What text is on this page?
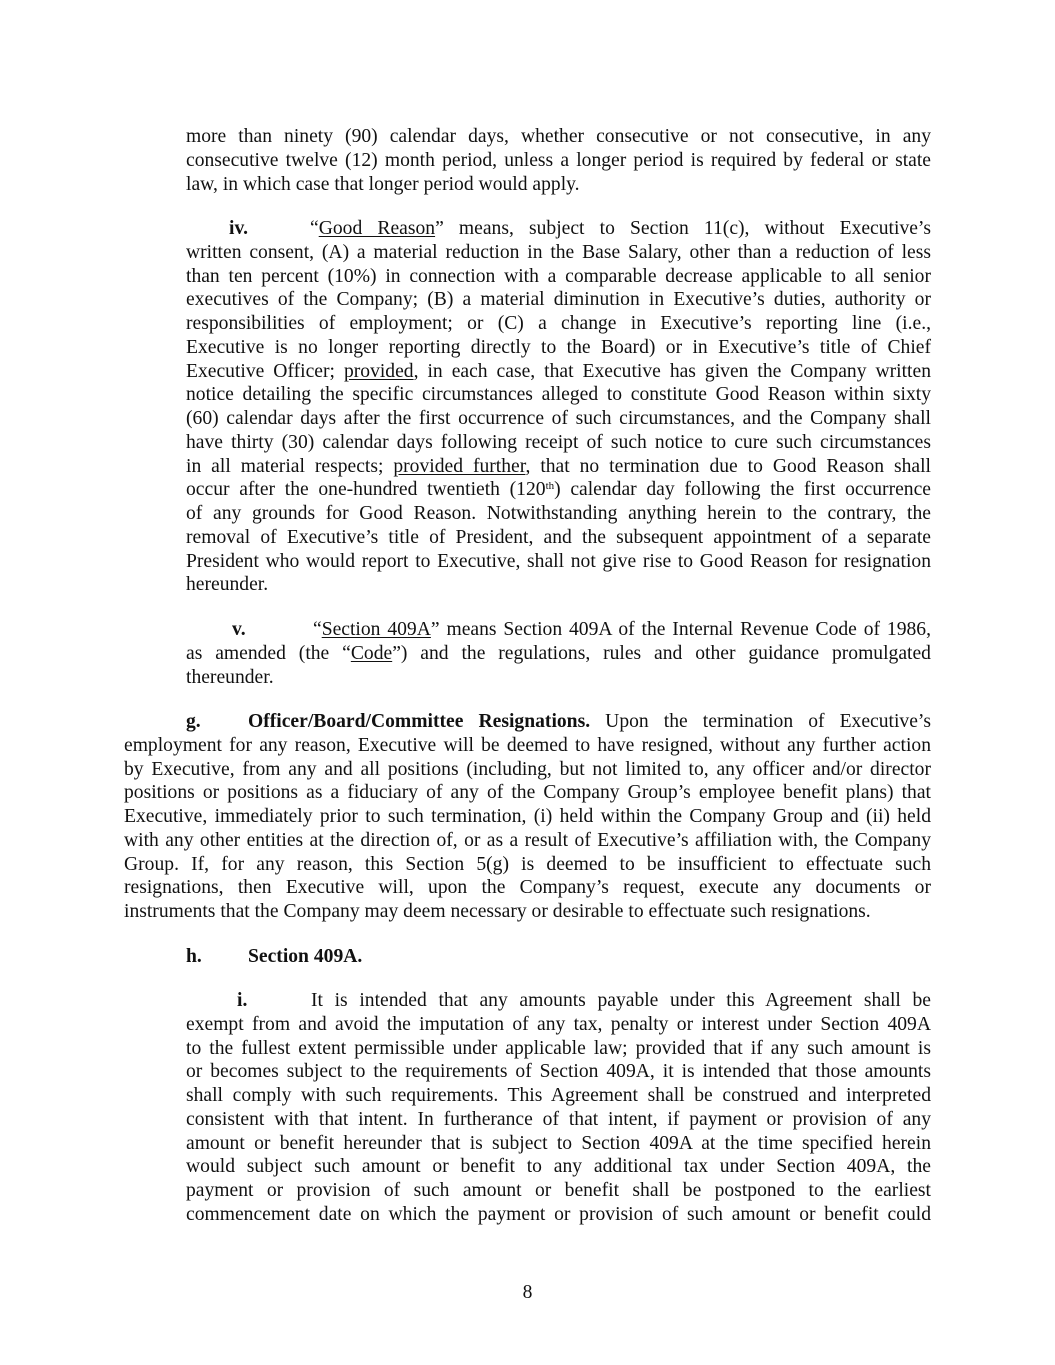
more than ninety (90) calendar days, whether consecutive or not consecutive, in any
consecutive twelve (12) month period, unless a longer period is required by federal or state
law, in which case that longer period would apply.
iv.	“Good Reason” means, subject to Section 11(c), without Executive’s
written consent, (A) a material reduction in the Base Salary, other than a reduction of less
than ten percent (10%) in connection with a comparable decrease applicable to all senior
executives of the Company; (B) a material diminution in Executive’s duties, authority or
responsibilities of employment; or (C) a change in Executive’s reporting line (i.e.,
Executive is no longer reporting directly to the Board) or in Executive’s title of Chief
Executive Officer; provided, in each case, that Executive has given the Company written
notice detailing the specific circumstances alleged to constitute Good Reason within sixty
(60) calendar days after the first occurrence of such circumstances, and the Company shall
have thirty (30) calendar days following receipt of such notice to cure such circumstances
in all material respects; provided further, that no termination due to Good Reason shall
occur after the one-hundred twentieth (120th) calendar day following the first occurrence
of any grounds for Good Reason. Notwithstanding anything herein to the contrary, the
removal of Executive’s title of President, and the subsequent appointment of a separate
President who would report to Executive, shall not give rise to Good Reason for resignation
hereunder.
v.	“Section 409A” means Section 409A of the Internal Revenue Code of 1986,
as amended (the “Code”) and the regulations, rules and other guidance promulgated
thereunder.
g.	Officer/Board/Committee Resignations. Upon the termination of Executive’s
employment for any reason, Executive will be deemed to have resigned, without any further action
by Executive, from any and all positions (including, but not limited to, any officer and/or director
positions or positions as a fiduciary of any of the Company Group’s employee benefit plans) that
Executive, immediately prior to such termination, (i) held within the Company Group and (ii) held
with any other entities at the direction of, or as a result of Executive’s affiliation with, the Company
Group. If, for any reason, this Section 5(g) is deemed to be insufficient to effectuate such
resignations, then Executive will, upon the Company’s request, execute any documents or
instruments that the Company may deem necessary or desirable to effectuate such resignations.
h.	Section 409A.
i.	It is intended that any amounts payable under this Agreement shall be
exempt from and avoid the imputation of any tax, penalty or interest under Section 409A
to the fullest extent permissible under applicable law; provided that if any such amount is
or becomes subject to the requirements of Section 409A, it is intended that those amounts
shall comply with such requirements. This Agreement shall be construed and interpreted
consistent with that intent. In furtherance of that intent, if payment or provision of any
amount or benefit hereunder that is subject to Section 409A at the time specified herein
would subject such amount or benefit to any additional tax under Section 409A, the
payment or provision of such amount or benefit shall be postponed to the earliest
commencement date on which the payment or provision of such amount or benefit could
8
